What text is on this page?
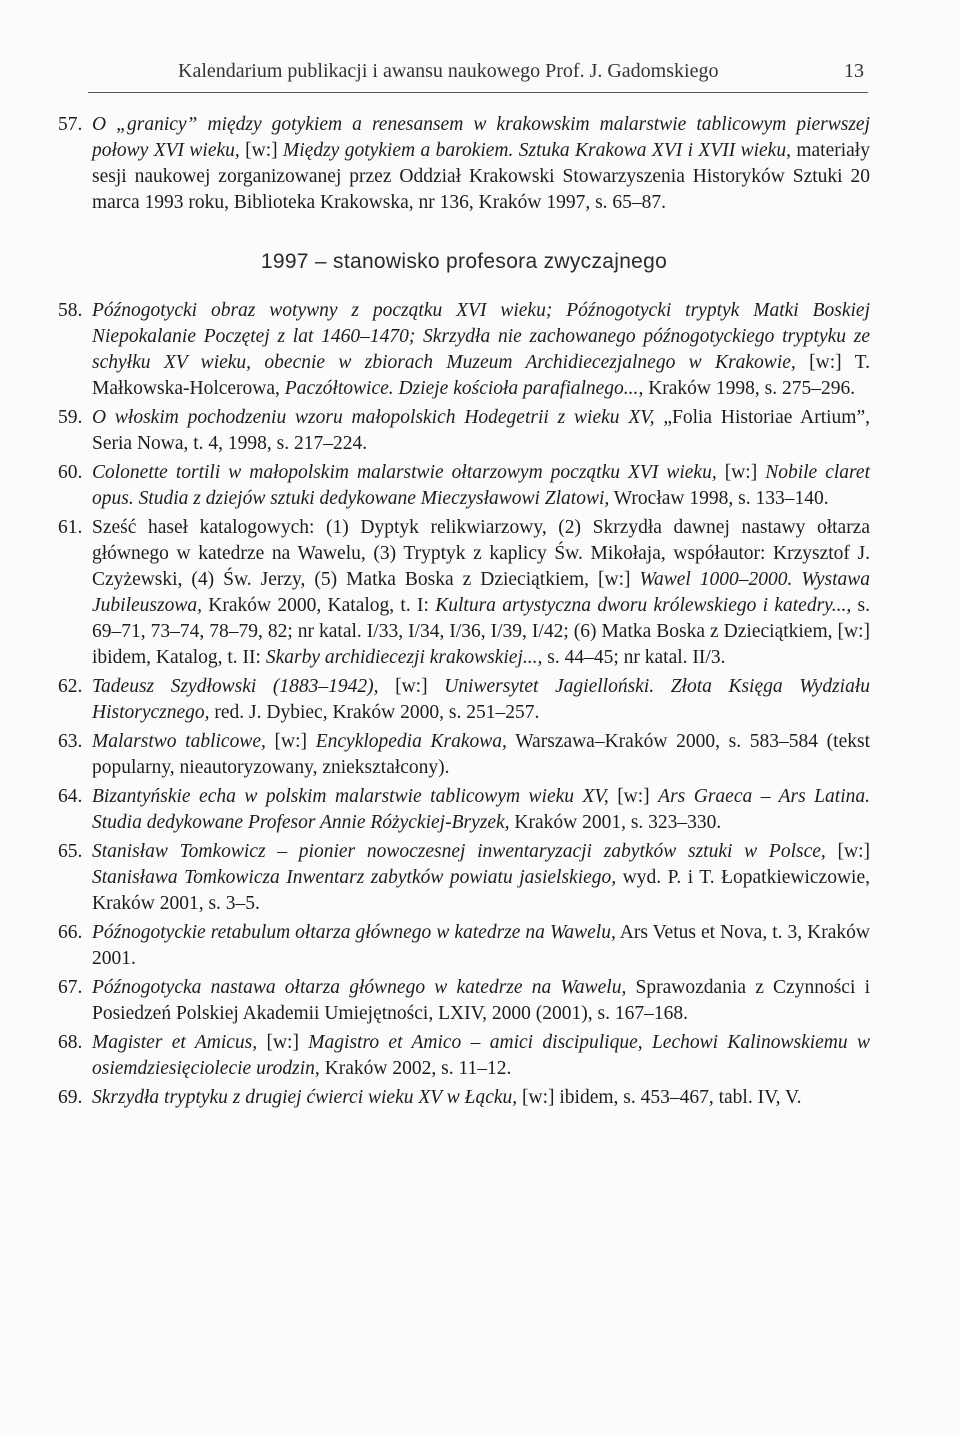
Kalendarium publikacji i awansu naukowego Prof. J. Gadomskiego	13
57. O „granicy” między gotykiem a renesansem w krakowskim malarstwie tablicowym pierwszej połowy XVI wieku, [w:] Między gotykiem a barokiem. Sztuka Krakowa XVI i XVII wieku, materiały sesji naukowej zorganizowanej przez Oddział Krakowski Stowarzyszenia Historyków Sztuki 20 marca 1993 roku, Biblioteka Krakowska, nr 136, Kraków 1997, s. 65–87.
1997 – stanowisko profesora zwyczajnego
58. Późnogotycki obraz wotywny z początku XVI wieku; Późnogotycki tryptyk Matki Boskiej Niepokalanie Poczętej z lat 1460–1470; Skrzydła nie zachowanego późnogotyckiego tryptyku ze schyłku XV wieku, obecnie w zbiorach Muzeum Archidiecezjalnego w Krakowie, [w:] T. Małkowska-Holcerowa, Paczółtowice. Dzieje kościoła parafialnego..., Kraków 1998, s. 275–296.
59. O włoskim pochodzeniu wzoru małopolskich Hodegetrii z wieku XV, „Folia Historiae Artium”, Seria Nowa, t. 4, 1998, s. 217–224.
60. Colonette tortili w małopolskim malarstwie ołtarzowym początku XVI wieku, [w:] Nobile claret opus. Studia z dziejów sztuki dedykowane Mieczysławowi Zlatowi, Wrocław 1998, s. 133–140.
61. Sześć haseł katalogowych: (1) Dyptyk relikwiarzowy, (2) Skrzydła dawnej nastawy ołtarza głównego w katedrze na Wawelu, (3) Tryptyk z kaplicy Św. Mikołaja, współautor: Krzysztof J. Czyżewski, (4) Św. Jerzy, (5) Matka Boska z Dzieciątkiem, [w:] Wawel 1000–2000. Wystawa Jubileuszowa, Kraków 2000, Katalog, t. I: Kultura artystyczna dworu królewskiego i katedry..., s. 69–71, 73–74, 78–79, 82; nr katal. I/33, I/34, I/36, I/39, I/42; (6) Matka Boska z Dzieciątkiem, [w:] ibidem, Katalog, t. II: Skarby archidiecezji krakowskiej..., s. 44–45; nr katal. II/3.
62. Tadeusz Szydłowski (1883–1942), [w:] Uniwersytet Jagielloński. Złota Księga Wydziału Historycznego, red. J. Dybiec, Kraków 2000, s. 251–257.
63. Malarstwo tablicowe, [w:] Encyklopedia Krakowa, Warszawa–Kraków 2000, s. 583–584 (tekst popularny, nieautoryzowany, zniekształcony).
64. Bizantyńskie echa w polskim malarstwie tablicowym wieku XV, [w:] Ars Graeca – Ars Latina. Studia dedykowane Profesor Annie Różyckiej-Bryzek, Kraków 2001, s. 323–330.
65. Stanisław Tomkowicz – pionier nowoczesnej inwentaryzacji zabytków sztuki w Polsce, [w:] Stanisława Tomkowicza Inwentarz zabytków powiatu jasielskiego, wyd. P. i T. Łopatkiewiczowie, Kraków 2001, s. 3–5.
66. Późnogotyckie retabulum ołtarza głównego w katedrze na Wawelu, Ars Vetus et Nova, t. 3, Kraków 2001.
67. Późnogotycka nastawa ołtarza głównego w katedrze na Wawelu, Sprawozdania z Czynności i Posiedzeń Polskiej Akademii Umiejętności, LXIV, 2000 (2001), s. 167–168.
68. Magister et Amicus, [w:] Magistro et Amico – amici discipulique, Lechowi Kalinowskiemu w osiemdziesięciolecie urodzin, Kraków 2002, s. 11–12.
69. Skrzydła tryptyku z drugiej ćwierci wieku XV w Łącku, [w:] ibidem, s. 453–467, tabl. IV, V.
